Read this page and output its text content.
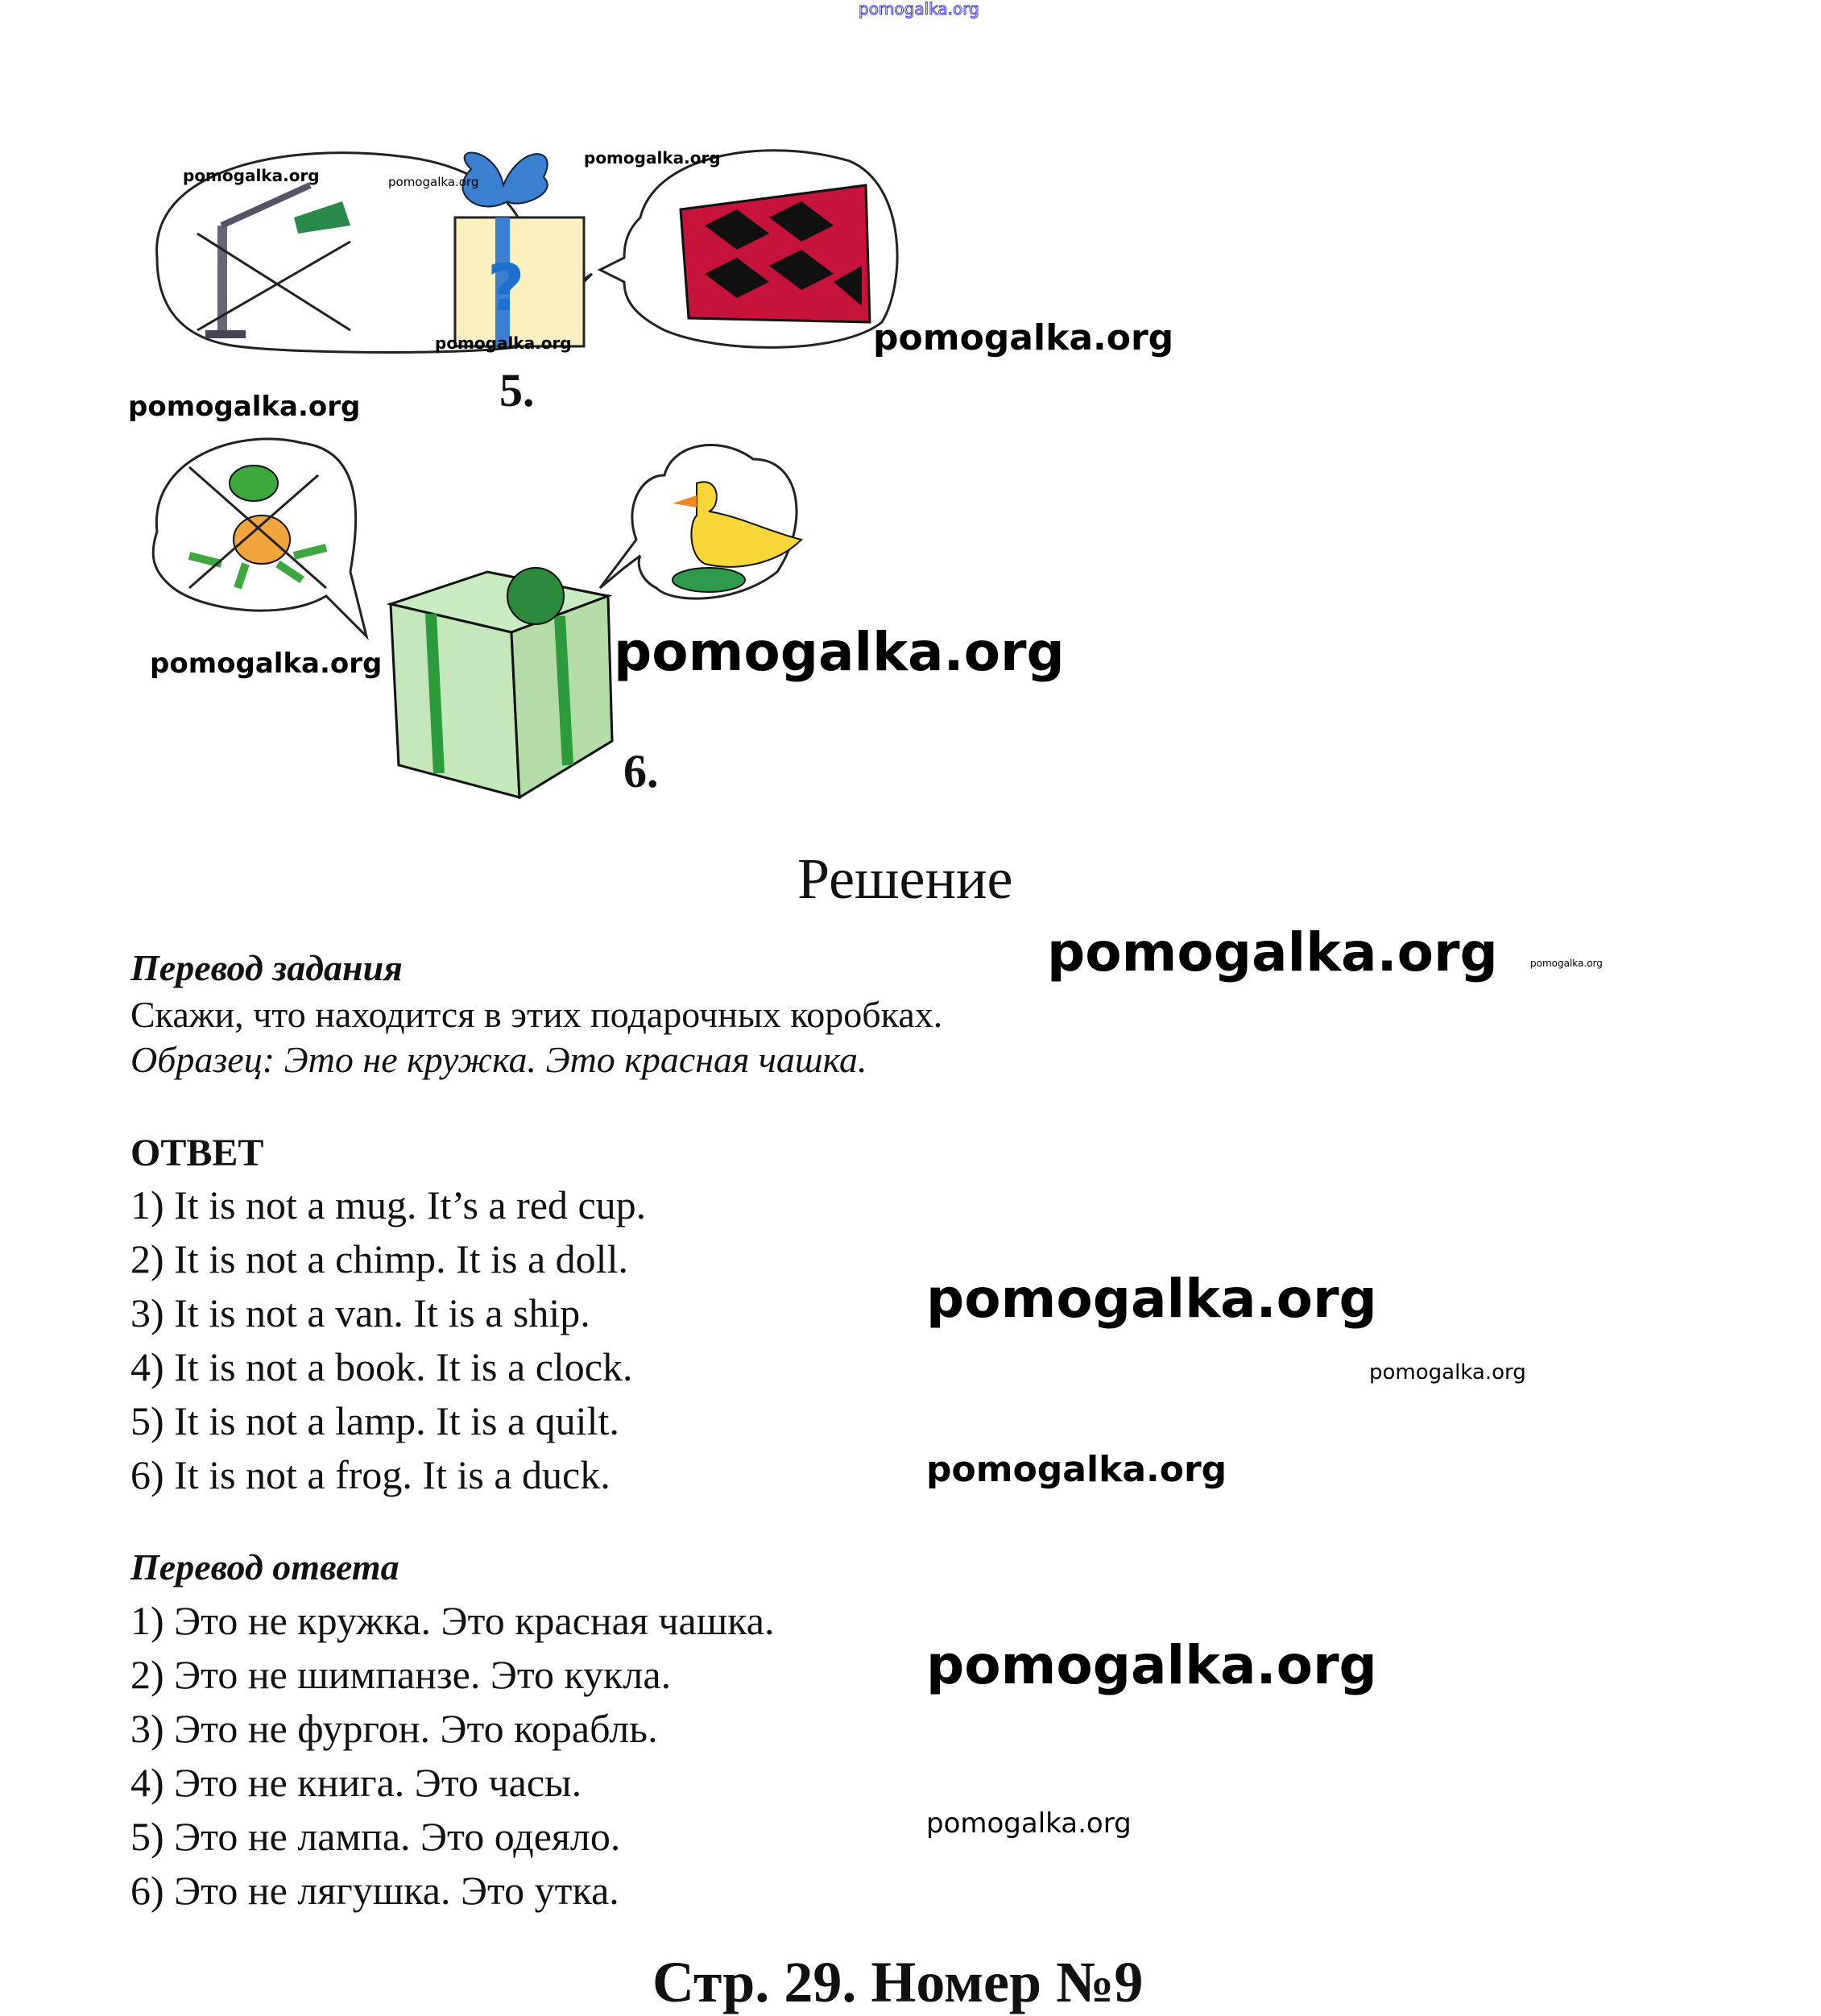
pomogalka.org
?
pomogalka.org	pomogalka.org
pomogalka.org
pomogalka.org	pomogalka.org
5.
pomogalka.org
pomogalka.org	pomogalka.org
6.
Решение
Перевод задания	pomogalka.org	pomogalka.org
Скажи, что находится в этих подарочных коробках.
Образец: Это не кружка. Это красная чашка.
ОТВЕТ
1) It is not a mug. It’s a red cup.
2) It is not a chimp. It is a doll.
3) It is not a van. It is a ship.
4) It is not a book. It is a clock.
5) It is not a lamp. It is a quilt.
6) It is not a frog. It is a duck.
pomogalka.org
pomogalka.org
pomogalka.org
Перевод ответа
1) Это не кружка. Это красная чашка.
2) Это не шимпанзе. Это кукла.
3) Это не фургон. Это корабль.
4) Это не книга. Это часы.
5) Это не лампа. Это одеяло.
6) Это не лягушка. Это утка.
pomogalka.org
pomogalka.org
Стр. 29. Номер №9
